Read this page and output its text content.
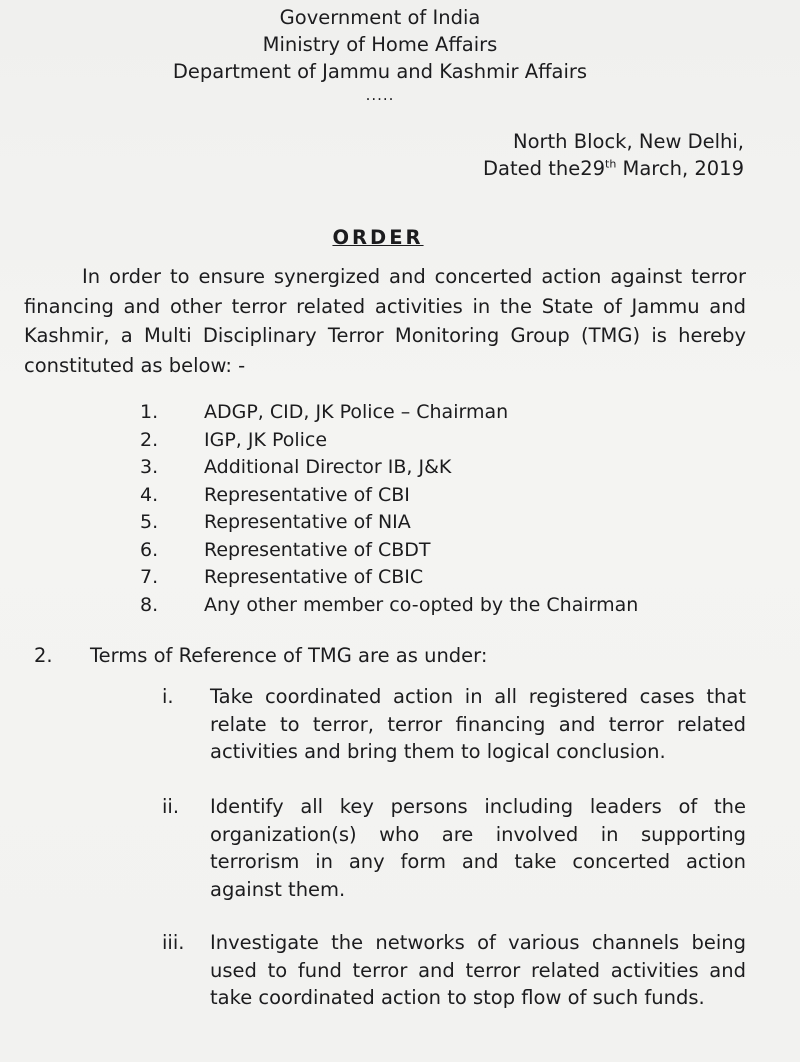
Government of India
Ministry of Home Affairs
Department of Jammu and Kashmir Affairs
.....
North Block, New Delhi,
Dated the29th March, 2019
ORDER
In order to ensure synergized and concerted action against terror financing and other terror related activities in the State of Jammu and Kashmir, a Multi Disciplinary Terror Monitoring Group (TMG) is hereby constituted as below: -
1.	ADGP, CID, JK Police – Chairman
2.	IGP, JK Police
3.	Additional Director IB, J&K
4.	Representative of CBI
5.	Representative of NIA
6.	Representative of CBDT
7.	Representative of CBIC
8.	Any other member co-opted by the Chairman
2.	Terms of Reference of TMG are as under:
i.	Take coordinated action in all registered cases that relate to terror, terror financing and terror related activities and bring them to logical conclusion.
ii.	Identify all key persons including leaders of the organization(s) who are involved in supporting terrorism in any form and take concerted action against them.
iii.	Investigate the networks of various channels being used to fund terror and terror related activities and take coordinated action to stop flow of such funds.
